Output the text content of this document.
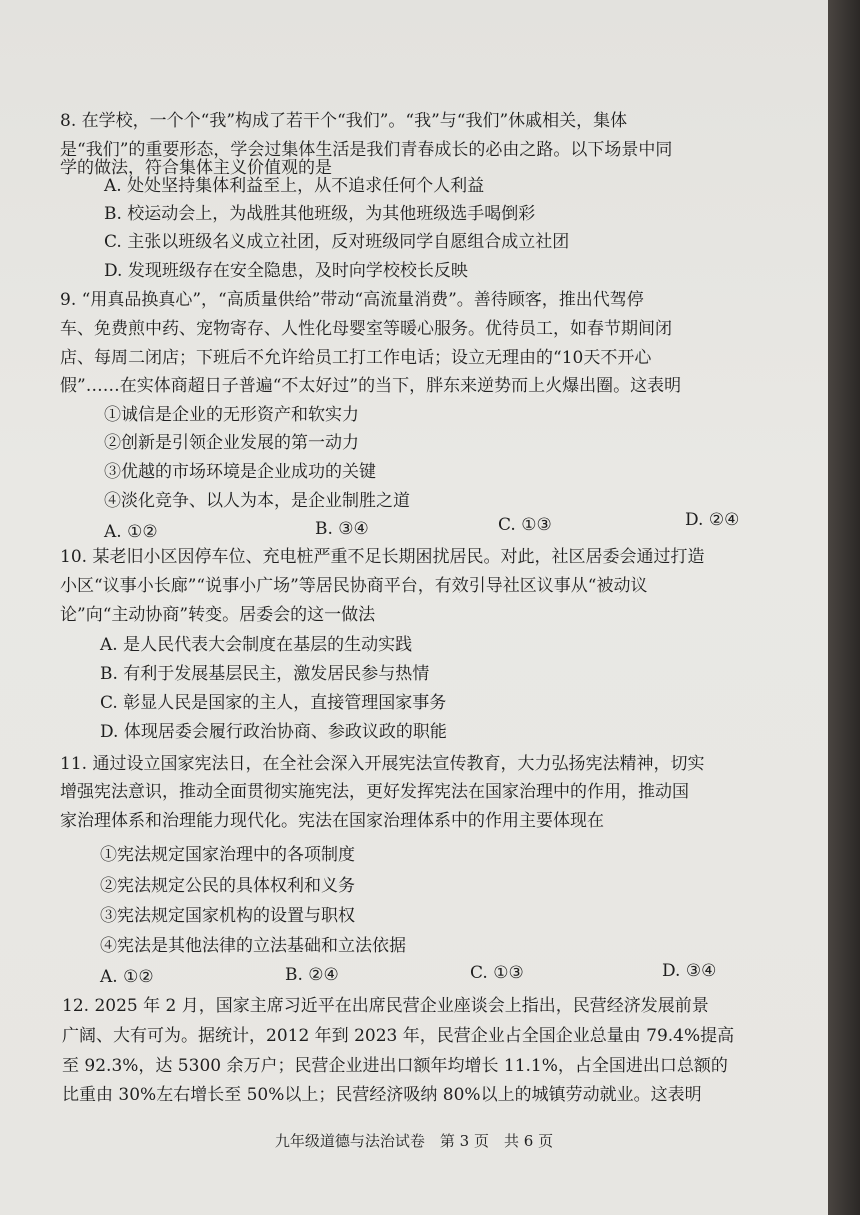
8. 在学校，一个个“我”构成了若干个“我们”。“我”与“我们”休戚相关，集体
是“我们”的重要形态，学会过集体生活是我们青春成长的必由之路。以下场景中同
学的做法，符合集体主义价值观的是
A. 处处坚持集体利益至上，从不追求任何个人利益
B. 校运动会上，为战胜其他班级，为其他班级选手喝倒彩
C. 主张以班级名义成立社团，反对班级同学自愿组合成立社团
D. 发现班级存在安全隐患，及时向学校校长反映
9. “用真品换真心”，“高质量供给”带动“高流量消费”。善待顾客，推出代驾停
车、免费煎中药、宠物寄存、人性化母婴室等暖心服务。优待员工，如春节期间闭
店、每周二闭店；下班后不允许给员工打工作电话；设立无理由的“10天不开心
假”……在实体商超日子普遍“不太好过”的当下，胖东来逆势而上火爆出圈。这表明
①诚信是企业的无形资产和软实力
②创新是引领企业发展的第一动力
③优越的市场环境是企业成功的关键
④淡化竞争、以人为本，是企业制胜之道
A. ①②	B. ③④	C. ①③	D. ②④
10. 某老旧小区因停车位、充电桩严重不足长期困扰居民。对此，社区居委会通过打造
小区“议事小长廊”“说事小广场”等居民协商平台，有效引导社区议事从“被动议
论”向“主动协商”转变。居委会的这一做法
A. 是人民代表大会制度在基层的生动实践
B. 有利于发展基层民主，激发居民参与热情
C. 彰显人民是国家的主人，直接管理国家事务
D. 体现居委会履行政治协商、参政议政的职能
11. 通过设立国家宪法日，在全社会深入开展宪法宣传教育，大力弘扬宪法精神，切实
增强宪法意识，推动全面贯彻实施宪法，更好发挥宪法在国家治理中的作用，推动国
家治理体系和治理能力现代化。宪法在国家治理体系中的作用主要体现在
①宪法规定国家治理中的各项制度
②宪法规定公民的具体权利和义务
③宪法规定国家机构的设置与职权
④宪法是其他法律的立法基础和立法依据
A. ①②	B. ②④	C. ①③	D. ③④
12. 2025 年 2 月，国家主席习近平在出席民营企业座谈会上指出，民营经济发展前景
广阔、大有可为。据统计，2012 年到 2023 年，民营企业占全国企业总量由 79.4%提高
至 92.3%，达 5300 余万户；民营企业进出口额年均增长 11.1%，占全国进出口总额的
比重由 30%左右增长至 50%以上；民营经济吸纳 80%以上的城镇劳动就业。这表明
九年级道德与法治试卷　第 3 页　共 6 页
